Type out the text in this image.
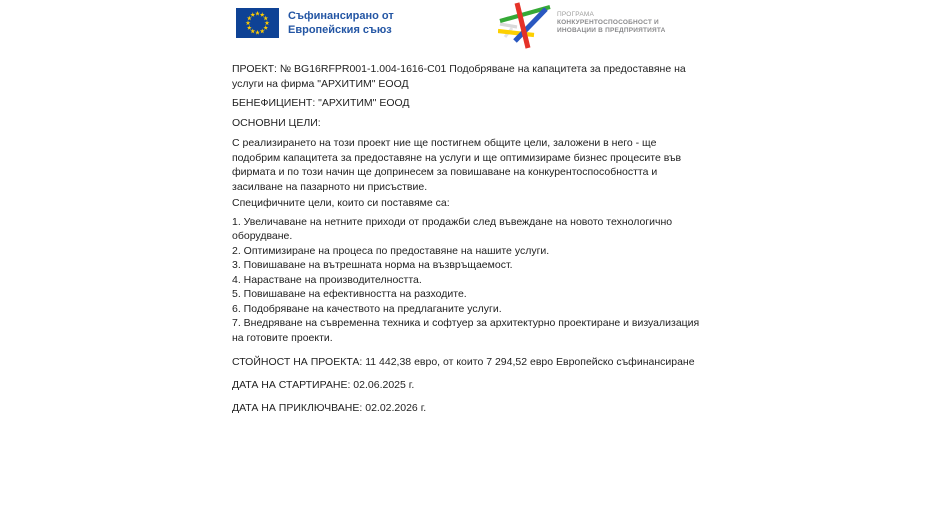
Съфинансирано от
Европейския съюз
ПРОГРАМА
КОНКУРЕНТОСПОСОБНОСТ И
ИНОВАЦИИ В ПРЕДПРИЯТИЯТА

ПРОЕКТ: № BG16RFPR001-1.004-1616-C01 Подобряване на капацитета за предоставяне на услуги на фирма "АРХИТИМ" ЕООД

БЕНЕФИЦИЕНТ: "АРХИТИМ" ЕООД

ОСНОВНИ ЦЕЛИ:

С реализирането на този проект ние ще постигнем общите цели, заложени в него - ще подобрим капацитета за предоставяне на услуги и ще оптимизираме бизнес процесите във фирмата и по този начин ще допринесем за повишаване на конкурентоспособността и засилване на пазарното ни присъствие.

Специфичните цели, които си поставяме са:

1. Увеличаване на нетните приходи от продажби след въвеждане на новото технологично оборудване.
2. Оптимизиране на процеса по предоставяне на нашите услуги.
3. Повишаване на вътрешната норма на възвръщаемост.
4. Нарастване на производителността.
5. Повишаване на ефективността на разходите.
6. Подобряване на качеството на предлаганите услуги.
7. Внедряване на съвременна техника и софтуер за архитектурно проектиране и визуализация на готовите проекти.

СТОЙНОСТ НА ПРОЕКТА: 11 442,38 евро, от които 7 294,52 евро Европейско съфинансиране

ДАТА НА СТАРТИРАНЕ: 02.06.2025 г.

ДАТА НА ПРИКЛЮЧВАНЕ: 02.02.2026 г.
